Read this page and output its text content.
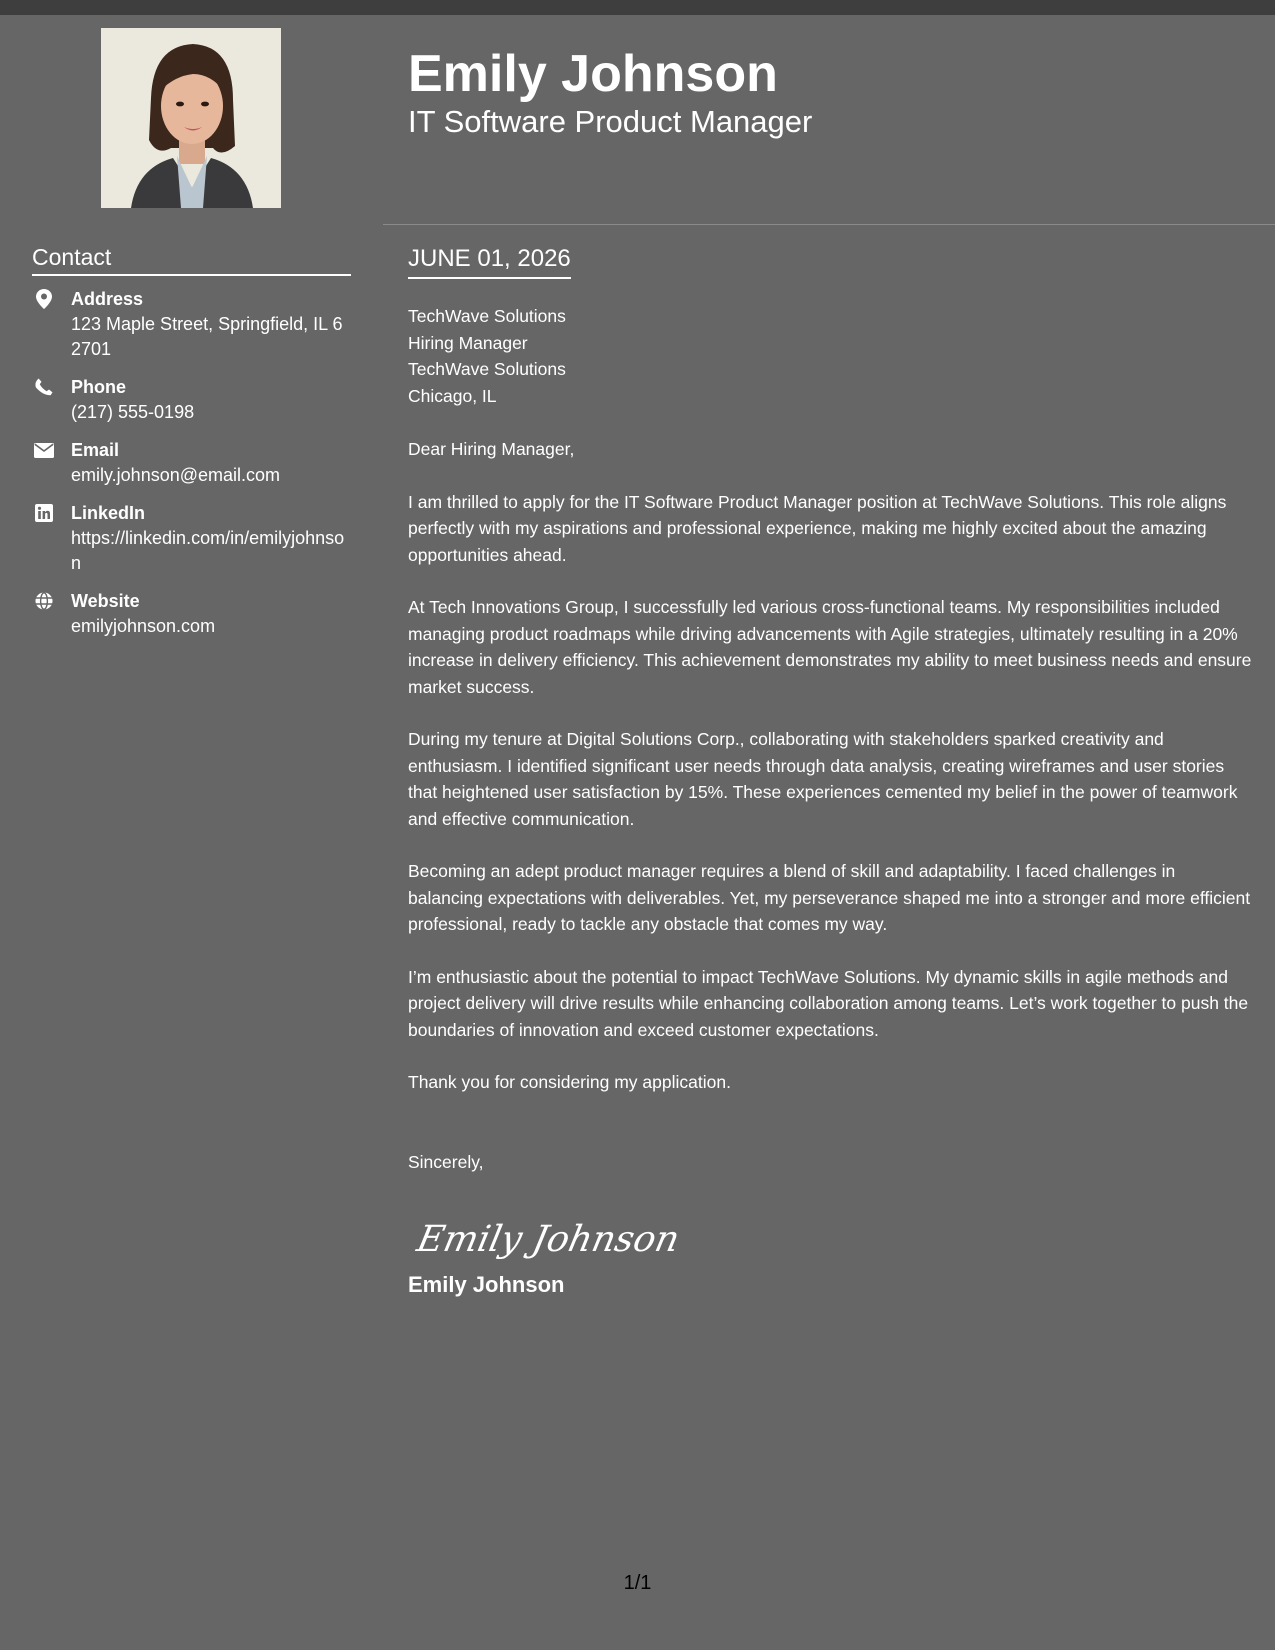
Contact
Address
123 Maple Street, Springfield, IL 62701
Phone
(217) 555-0198
Email
emily.johnson@email.com
LinkedIn
https://linkedin.com/in/emilyjohnson
Website
emilyjohnson.com
Emily Johnson
IT Software Product Manager
JUNE 01, 2026
TechWave Solutions
Hiring Manager
TechWave Solutions
Chicago, IL

Dear Hiring Manager,

I am thrilled to apply for the IT Software Product Manager position at TechWave Solutions. This role aligns perfectly with my aspirations and professional experience, making me highly excited about the amazing opportunities ahead.

At Tech Innovations Group, I successfully led various cross-functional teams. My responsibilities included managing product roadmaps while driving advancements with Agile strategies, ultimately resulting in a 20% increase in delivery efficiency. This achievement demonstrates my ability to meet business needs and ensure market success.

During my tenure at Digital Solutions Corp., collaborating with stakeholders sparked creativity and enthusiasm. I identified significant user needs through data analysis, creating wireframes and user stories that heightened user satisfaction by 15%. These experiences cemented my belief in the power of teamwork and effective communication.

Becoming an adept product manager requires a blend of skill and adaptability. I faced challenges in balancing expectations with deliverables. Yet, my perseverance shaped me into a stronger and more efficient professional, ready to tackle any obstacle that comes my way.

I’m enthusiastic about the potential to impact TechWave Solutions. My dynamic skills in agile methods and project delivery will drive results while enhancing collaboration among teams. Let’s work together to push the boundaries of innovation and exceed customer expectations.

Thank you for considering my application.

Sincerely,

Emily Johnson
Emily Johnson
1/1
